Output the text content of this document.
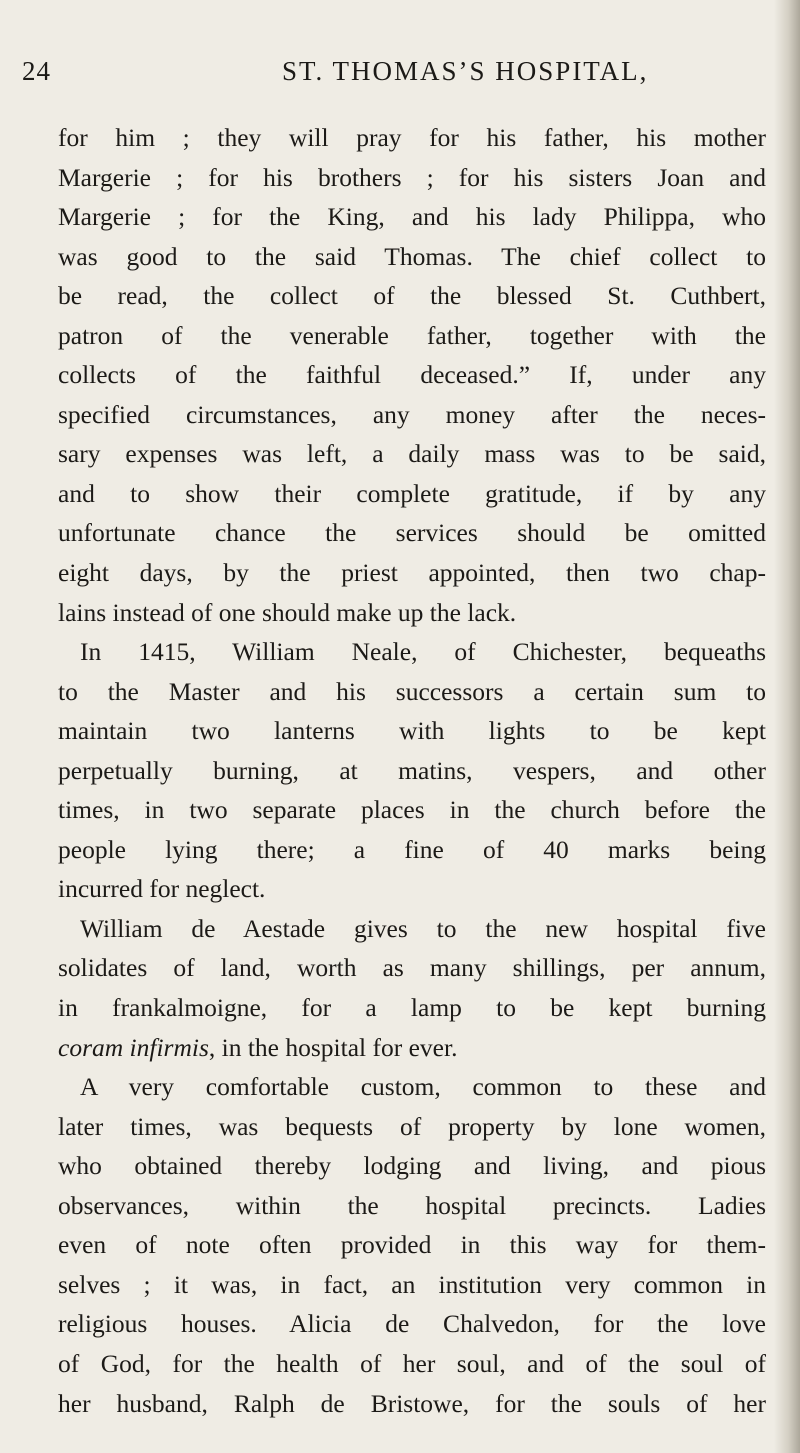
24	ST. THOMAS’S HOSPITAL,
for him ; they will pray for his father, his mother
Margerie ; for his brothers ; for his sisters Joan and
Margerie ; for the King, and his lady Philippa, who
was good to the said Thomas. The chief collect to
be read, the collect of the blessed St. Cuthbert,
patron of the venerable father, together with the
collects of the faithful deceased.” If, under any
specified circumstances, any money after the neces-
sary expenses was left, a daily mass was to be said,
and to show their complete gratitude, if by any
unfortunate chance the services should be omitted
eight days, by the priest appointed, then two chap-
lains instead of one should make up the lack.
In 1415, William Neale, of Chichester, bequeaths
to the Master and his successors a certain sum to
maintain two lanterns with lights to be kept
perpetually burning, at matins, vespers, and other
times, in two separate places in the church before the
people lying there; a fine of 40 marks being
incurred for neglect.
William de Aestade gives to the new hospital five
solidates of land, worth as many shillings, per annum,
in frankalmoigne, for a lamp to be kept burning
coram infirmis, in the hospital for ever.
A very comfortable custom, common to these and
later times, was bequests of property by lone women,
who obtained thereby lodging and living, and pious
observances, within the hospital precincts. Ladies
even of note often provided in this way for them-
selves ; it was, in fact, an institution very common in
religious houses. Alicia de Chalvedon, for the love
of God, for the health of her soul, and of the soul of
her husband, Ralph de Bristowe, for the souls of her
